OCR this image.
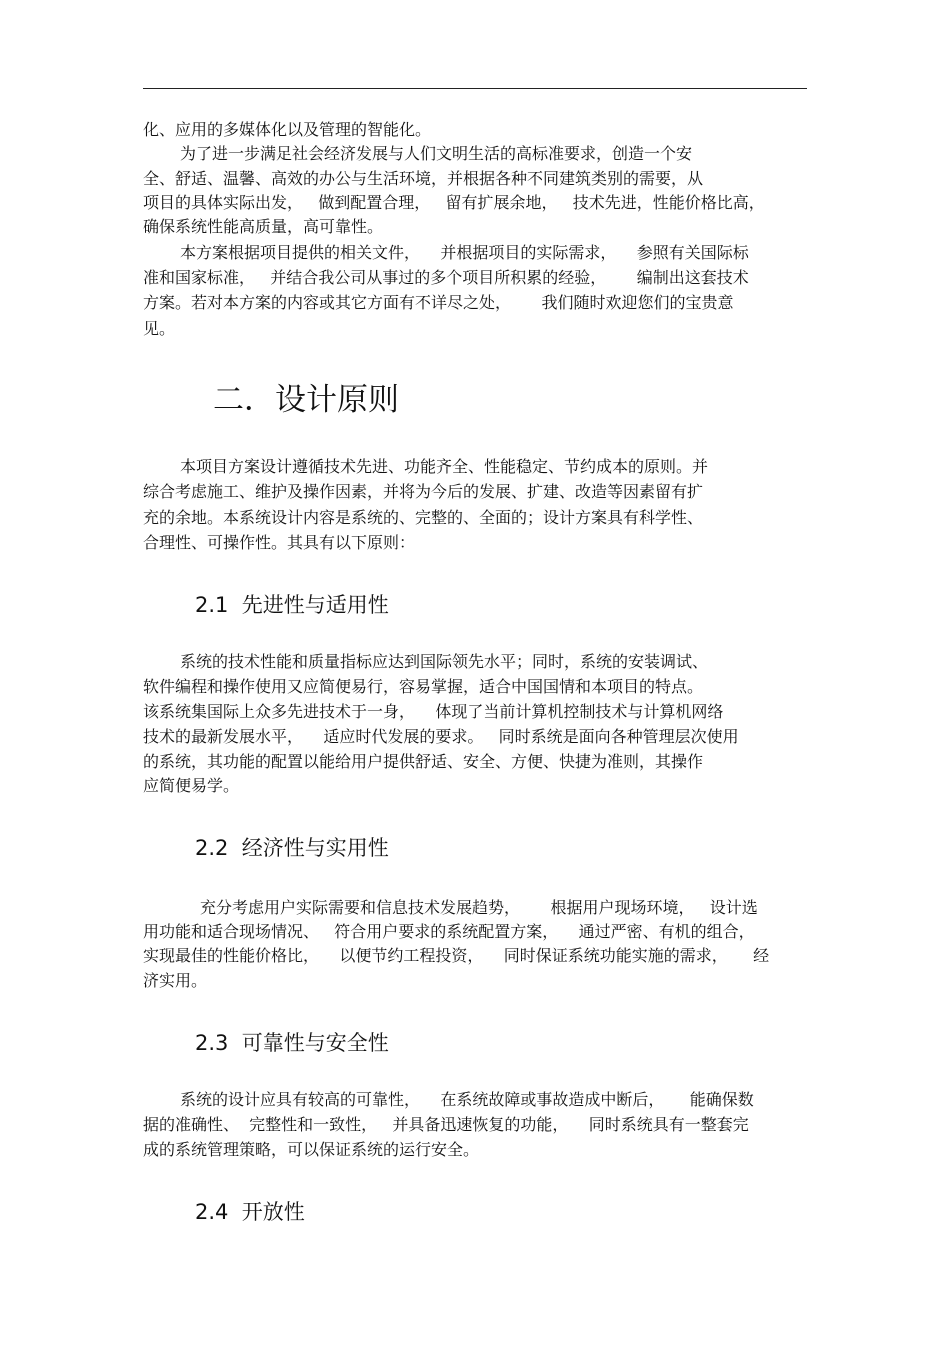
化、应用的多媒体化以及管理的智能化。

为了进一步满足社会经济发展与人们文明生活的高标准要求，创造一个安

全、舒适、温馨、高效的办公与生活环境，并根据各种不同建筑类别的需要，从

项目的具体实际出发，   做到配置合理，   留有扩展余地，   技术先进，性能价格比高，

确保系统性能高质量，高可靠性。

本方案根据项目提供的相关文件，    并根据项目的实际需求，    参照有关国际标

准和国家标准，   并结合我公司从事过的多个项目所积累的经验，      编制出这套技术

方案。若对本方案的内容或其它方面有不详尽之处，      我们随时欢迎您们的宝贵意

见。

二．设计原则

本项目方案设计遵循技术先进、功能齐全、性能稳定、节约成本的原则。并

综合考虑施工、维护及操作因素，并将为今后的发展、扩建、改造等因素留有扩

充的余地。本系统设计内容是系统的、完整的、全面的；设计方案具有科学性、

合理性、可操作性。其具有以下原则：

2.1  先进性与适用性

系统的技术性能和质量指标应达到国际领先水平；同时，系统的安装调试、

软件编程和操作使用又应简便易行，容易掌握，适合中国国情和本项目的特点。

该系统集国际上众多先进技术于一身，    体现了当前计算机控制技术与计算机网络

技术的最新发展水平，    适应时代发展的要求。   同时系统是面向各种管理层次使用

的系统，其功能的配置以能给用户提供舒适、安全、方便、快捷为准则，其操作

应简便易学。

2.2  经济性与实用性

充分考虑用户实际需要和信息技术发展趋势，      根据用户现场环境，   设计选

用功能和适合现场情况、   符合用户要求的系统配置方案，    通过严密、有机的组合，

实现最佳的性能价格比，    以便节约工程投资，    同时保证系统功能实施的需求，     经

济实用。

2.3  可靠性与安全性

系统的设计应具有较高的可靠性，    在系统故障或事故造成中断后，     能确保数

据的准确性、  完整性和一致性，   并具备迅速恢复的功能，    同时系统具有一整套完

成的系统管理策略，可以保证系统的运行安全。

2.4  开放性
